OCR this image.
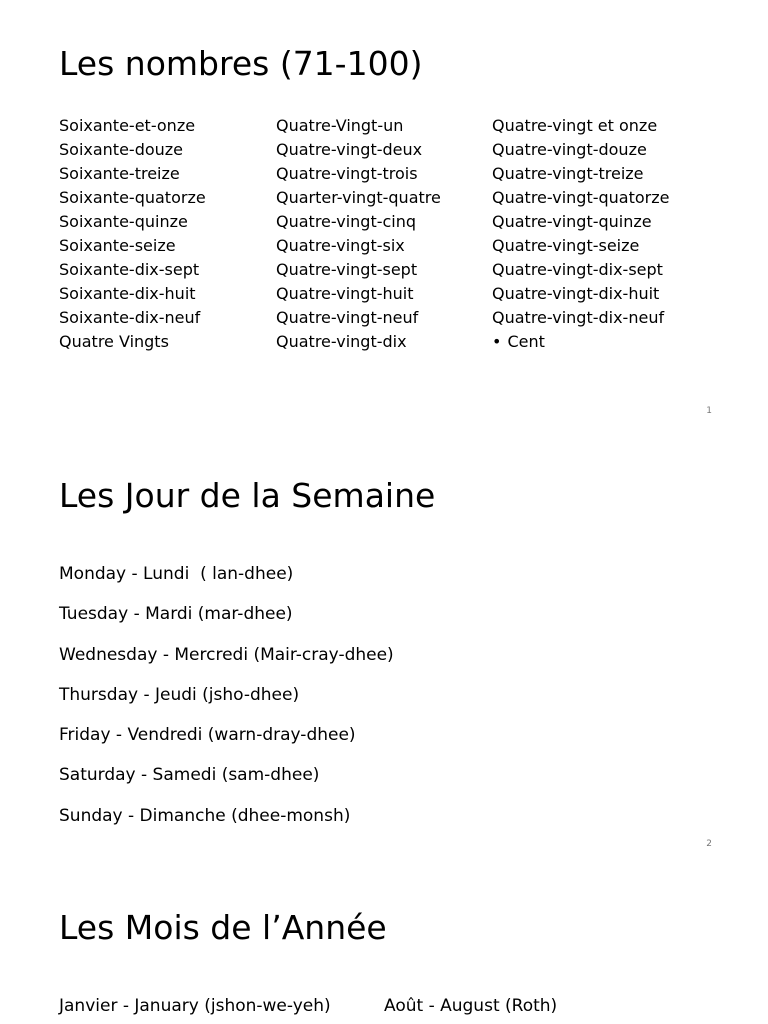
Les nombres (71-100)
Soixante-et-onze
Soixante-douze
Soixante-treize
Soixante-quatorze
Soixante-quinze
Soixante-seize
Soixante-dix-sept
Soixante-dix-huit
Soixante-dix-neuf
Quatre Vingts
Quatre-Vingt-un
Quatre-vingt-deux
Quatre-vingt-trois
Quarter-vingt-quatre
Quatre-vingt-cinq
Quatre-vingt-six
Quatre-vingt-sept
Quatre-vingt-huit
Quatre-vingt-neuf
Quatre-vingt-dix
Quatre-vingt et onze
Quatre-vingt-douze
Quatre-vingt-treize
Quatre-vingt-quatorze
Quatre-vingt-quinze
Quatre-vingt-seize
Quatre-vingt-dix-sept
Quatre-vingt-dix-huit
Quatre-vingt-dix-neuf
• Cent
1
Les Jour de la Semaine
Monday - Lundi  ( lan-dhee)
Tuesday - Mardi (mar-dhee)
Wednesday - Mercredi (Mair-cray-dhee)
Thursday - Jeudi (jsho-dhee)
Friday - Vendredi (warn-dray-dhee)
Saturday - Samedi (sam-dhee)
Sunday - Dimanche (dhee-monsh)
2
Les Mois de l’Année
Janvier - January (jshon-we-yeh)	Août - August (Roth)
